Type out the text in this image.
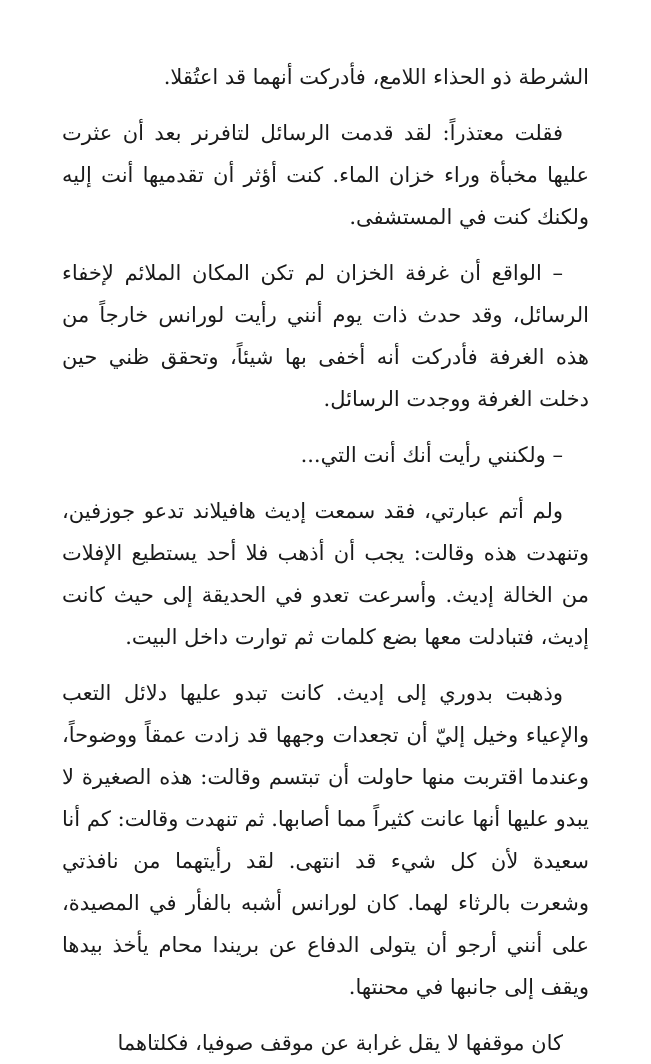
الشرطة ذو الحذاء اللامع، فأدركت أنهما قد اعتُقلا.

فقلت معتذراً: لقد قدمت الرسائل لتافرنر بعد أن عثرت عليها مخبأة وراء خزان الماء. كنت أؤثر أن تقدميها أنت إليه ولكنك كنت في المستشفى.

– الواقع أن غرفة الخزان لم تكن المكان الملائم لإخفاء الرسائل، وقد حدث ذات يوم أنني رأيت لورانس خارجاً من هذه الغرفة فأدركت أنه أخفى بها شيئاً، وتحقق ظني حين دخلت الغرفة ووجدت الرسائل.

– ولكنني رأيت أنك أنت التي...

ولم أتم عبارتي، فقد سمعت إديث هافيلاند تدعو جوزفين، وتنهدت هذه وقالت: يجب أن أذهب فلا أحد يستطيع الإفلات من الخالة إديث. وأسرعت تعدو في الحديقة إلى حيث كانت إديث، فتبادلت معها بضع كلمات ثم توارت داخل البيت.

وذهبت بدوري إلى إديث. كانت تبدو عليها دلائل التعب والإعياء وخيل إليّ أن تجعدات وجهها قد زادت عمقاً ووضوحاً، وعندما اقتربت منها حاولت أن تبتسم وقالت: هذه الصغيرة لا يبدو عليها أنها عانت كثيراً مما أصابها. ثم تنهدت وقالت: كم أنا سعيدة لأن كل شيء قد انتهى. لقد رأيتهما من نافذتي وشعرت بالرثاء لهما. كان لورانس أشبه بالفأر في المصيدة، على أنني أرجو أن يتولى الدفاع عن بريندا محام يأخذ بيدها ويقف إلى جانبها في محنتها.

كان موقفها لا يقل غرابة عن موقف صوفيا، فكلتاهما
